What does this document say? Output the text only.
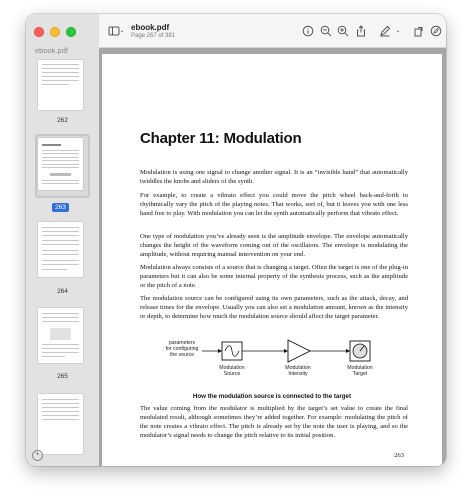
ebook.pdf
262
263
264
265
+
⌄ ebook.pdf
Page 267 of 381
⌄
Chapter 11: Modulation
Modulation is using one signal to change another signal. It is an “invisible hand” that automatically twiddles the knobs and sliders of the synth.
For example, to create a vibrato effect you could move the pitch wheel back-and-forth to rhythmically vary the pitch of the playing notes. That works, sort of, but it leaves you with one less hand free to play. With modulation you can let the synth automatically perform that vibrato effect.
One type of modulation you’ve already seen is the amplitude envelope. The envelope automatically changes the height of the waveform coming out of the oscillators. The envelope is modulating the amplitude, without requiring manual intervention on your end.
Modulation always consists of a source that is changing a target. Often the target is one of the plug-in parameters but it can also be some internal property of the synthesis process, such as the amplitude or the pitch of a note.
The modulation source can be configured using its own parameters, such as the attack, decay, and release times for the envelope. Usually you can also set a modulation amount, known as the intensity or depth, to determine how much the modulation source should affect the target parameter.
parameters
for configuring
the source
Modulation
Source
Modulation
Intensity
Modulation
Target
How the modulation source is connected to the target
The value coming from the modulator is multiplied by the target’s set value to create the final modulated result, although sometimes they’re added together. For example: modulating the pitch of the note creates a vibrato effect. The pitch is already set by the note the user is playing, and so the modulator’s signal needs to change the pitch relative to its initial position.
263
